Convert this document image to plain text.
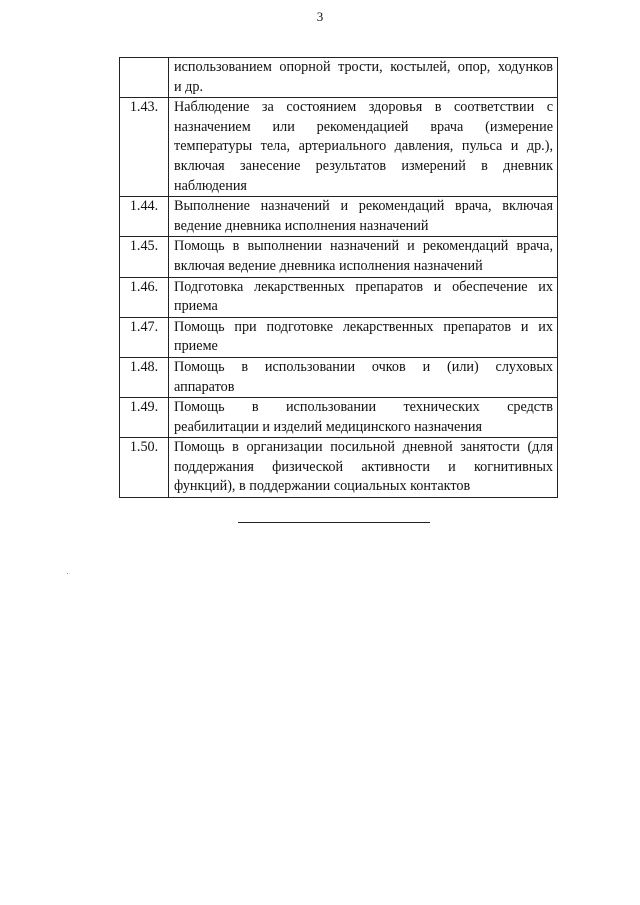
3

	использованием опорной трости, костылей, опор, ходунков
и др.

1.43.	Наблюдение за состоянием здоровья в соответствии с
назначением или рекомендацией врача (измерение
температуры тела, артериального давления, пульса и др.),
включая занесение результатов измерений в дневник
наблюдения

1.44.	Выполнение назначений и рекомендаций врача, включая
ведение дневника исполнения назначений

1.45.	Помощь в выполнении назначений и рекомендаций врача,
включая ведение дневника исполнения назначений

1.46.	Подготовка лекарственных препаратов и обеспечение их
приема

1.47.	Помощь при подготовке лекарственных препаратов и их
приеме

1.48.	Помощь в использовании очков и (или) слуховых
аппаратов

1.49.	Помощь в использовании технических средств
реабилитации и изделий медицинского назначения

1.50.	Помощь в организации посильной дневной занятости (для
поддержания физической активности и когнитивных
функций), в поддержании социальных контактов
